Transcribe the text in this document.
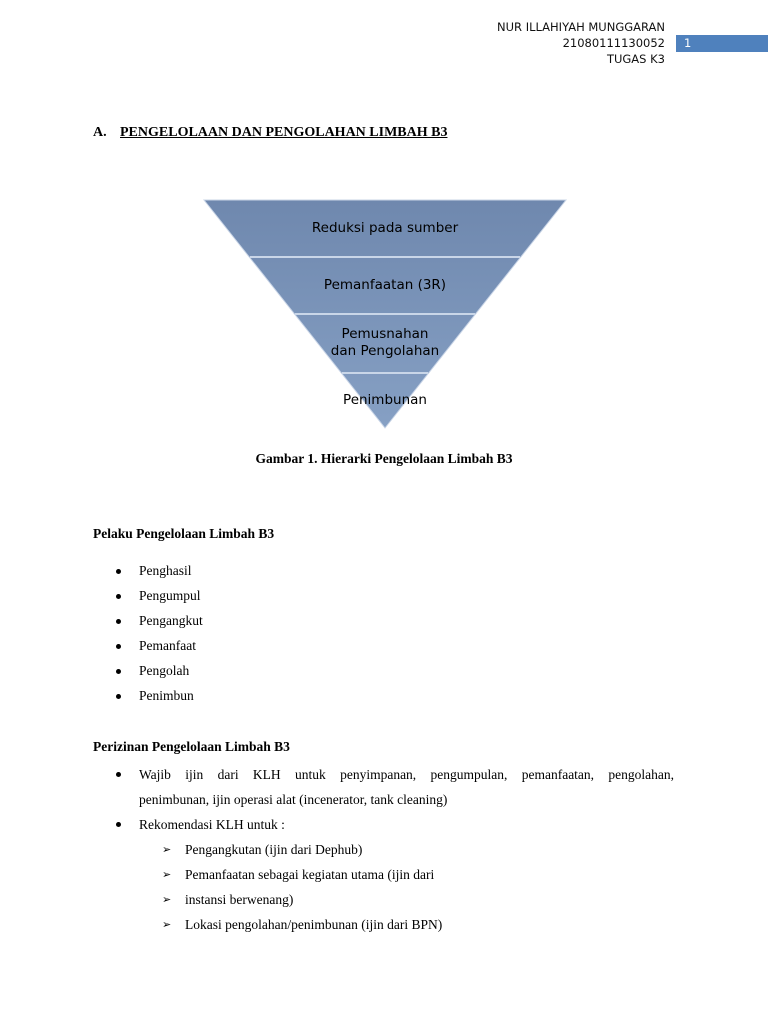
NUR ILLAHIYAH MUNGGARAN
21080111130052
TUGAS K3
1
A. PENGELOLAAN DAN PENGOLAHAN LIMBAH B3
Reduksi pada sumber
Pemanfaatan (3R)
Pemusnahan
dan Pengolahan
Penimbunan
Gambar 1. Hierarki Pengelolaan Limbah B3
Pelaku Pengelolaan Limbah B3
Penghasil
Pengumpul
Pengangkut
Pemanfaat
Pengolah
Penimbun
Perizinan Pengelolaan Limbah B3
Wajib ijin dari KLH untuk penyimpanan, pengumpulan, pemanfaatan, pengolahan,
penimbunan, ijin operasi alat (incenerator, tank cleaning)
Rekomendasi KLH untuk :
➢ Pengangkutan (ijin dari Dephub)
➢ Pemanfaatan sebagai kegiatan utama (ijin dari
➢ instansi berwenang)
➢ Lokasi pengolahan/penimbunan (ijin dari BPN)
